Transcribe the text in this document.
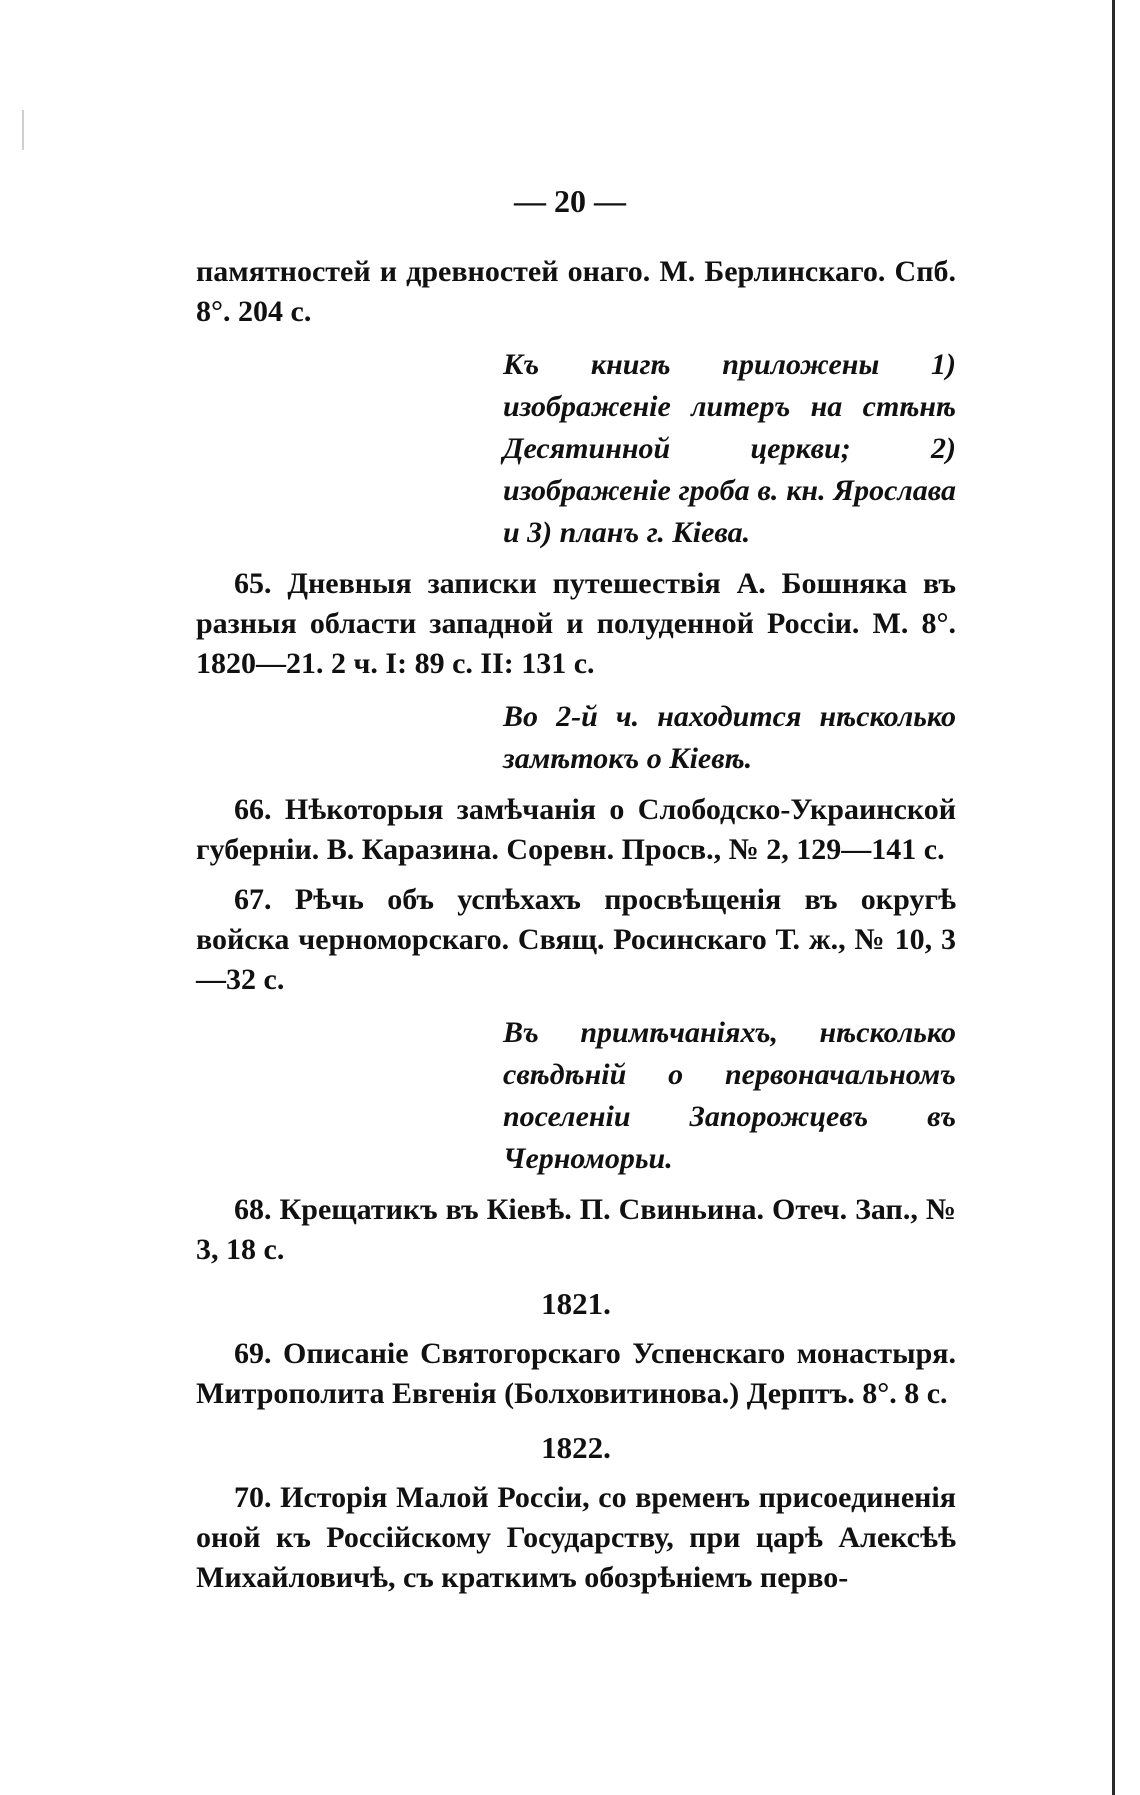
— 20 —

памятностей и древностей онаго. М. Берлинскаго. Спб. 8°. 204 с.

Къ книгѣ приложены 1) изображенiе литеръ на стѣнѣ Десятинной церкви; 2) изображенiе гроба в. кн. Ярослава и 3) планъ г. Кiева.

65. Дневныя записки путешествiя А. Бошняка въ разныя области западной и полуденной Россiи. М. 8°. 1820—21. 2 ч. I: 89 с. II: 131 с.

Во 2-й ч. находится нѣсколько замѣтокъ о Кiевѣ.

66. Нѣкоторыя замѣчанiя о Слободско-Украинской губернiи. В. Каразина. Соревн. Просв., № 2, 129—141 с.

67. Рѣчь объ успѣхахъ просвѣщенiя въ округѣ войска черноморскаго. Свящ. Росинскаго Т. ж., № 10, 3—32 с.

Въ примѣчанiяхъ, нѣсколько свѣдѣнiй о первоначальномъ поселенiи Запорожцевъ въ Черноморьи.

68. Крещатикъ въ Кiевѣ. П. Свиньина. Отеч. Зап., № 3, 18 с.

1821.

69. Описанiе Святогорскаго Успенскаго монастыря. Митрополита Евгенiя (Болховитинова.) Дерптъ. 8°. 8 с.

1822.

70. Исторiя Малой Россiи, со временъ присоединенiя оной къ Россiйскому Государству, при царѣ Алексѣѣ Михайловичѣ, съ краткимъ обозрѣнiемъ перво-
